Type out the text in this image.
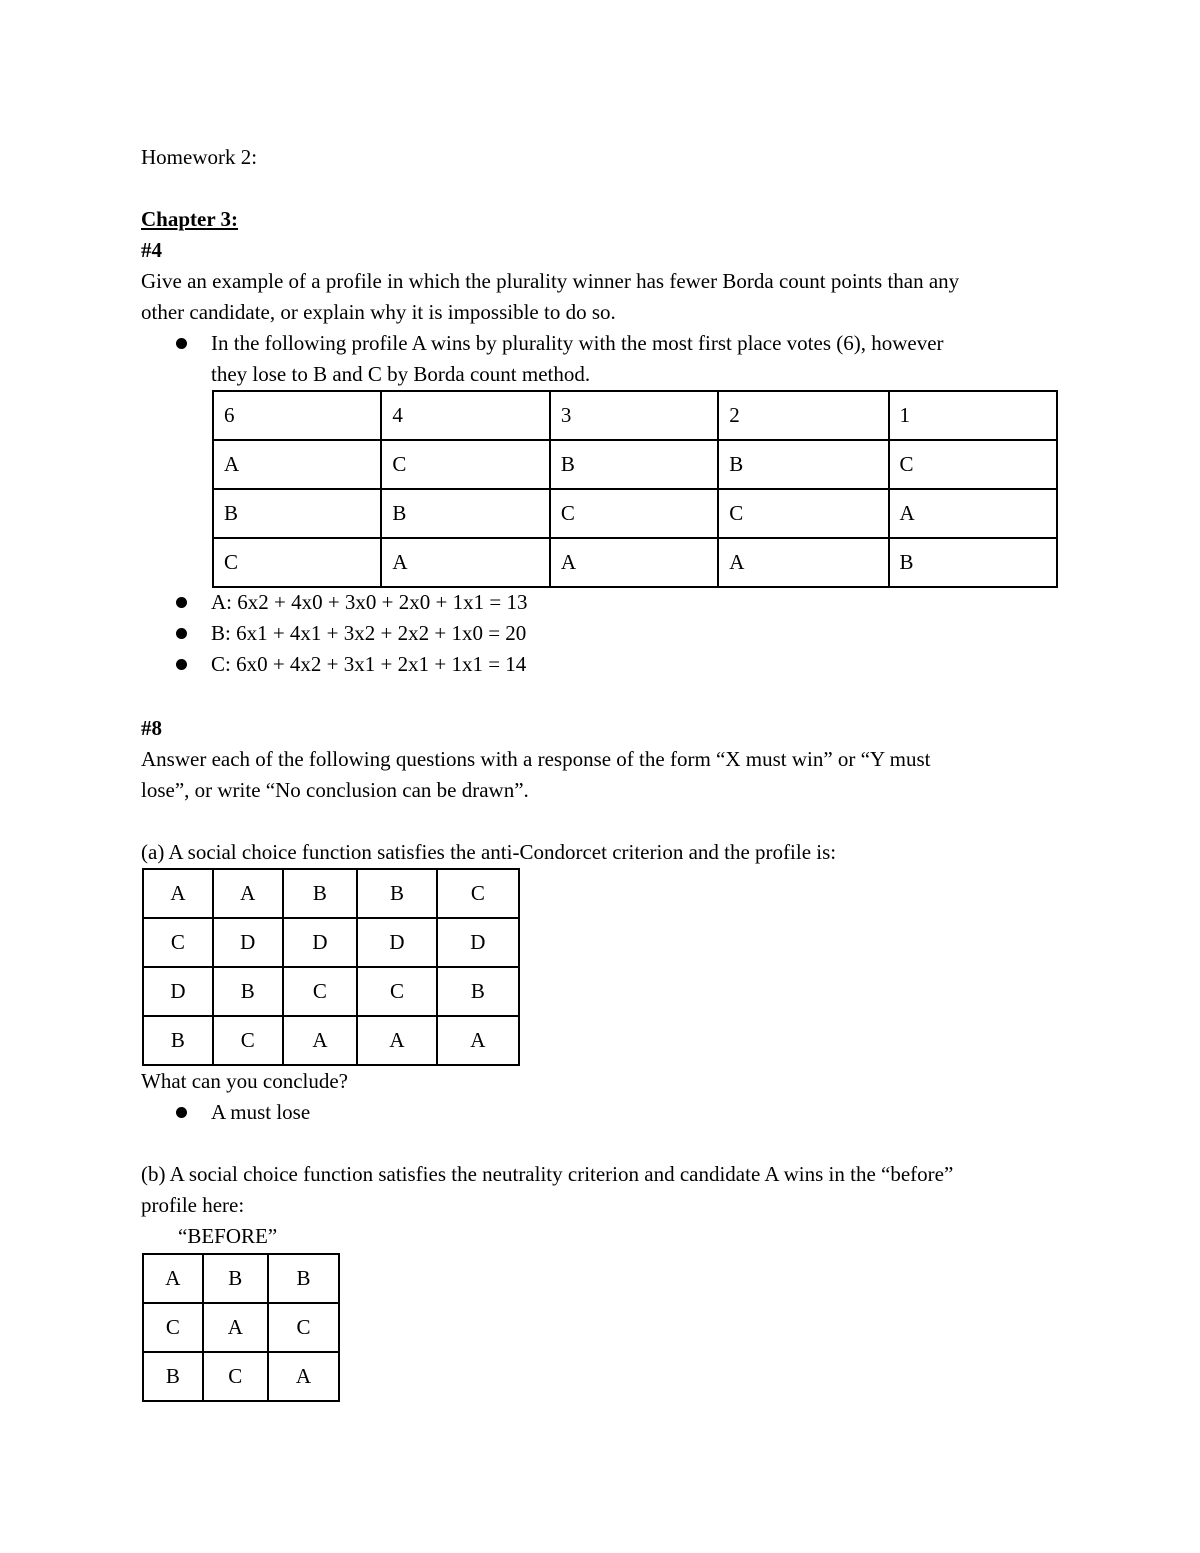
Homework 2:
Chapter 3:
#4
Give an example of a profile in which the plurality winner has fewer Borda count points than any
other candidate, or explain why it is impossible to do so.
In the following profile A wins by plurality with the most first place votes (6), however
they lose to B and C by Borda count method.
6	4	3	2	1
A	C	B	B	C
B	B	C	C	A
C	A	A	A	B
A: 6x2 + 4x0 + 3x0 + 2x0 + 1x1 = 13
B: 6x1 + 4x1 + 3x2 + 2x2 + 1x0 = 20
C: 6x0 + 4x2 + 3x1 + 2x1 + 1x1 = 14
#8
Answer each of the following questions with a response of the form “X must win” or “Y must
lose”, or write “No conclusion can be drawn”.
(a) A social choice function satisfies the anti-Condorcet criterion and the profile is:
A	A	B	B	C
C	D	D	D	D
D	B	C	C	B
B	C	A	A	A
What can you conclude?
A must lose
(b) A social choice function satisfies the neutrality criterion and candidate A wins in the “before”
profile here:
“BEFORE”
A	B	B
C	A	C
B	C	A
